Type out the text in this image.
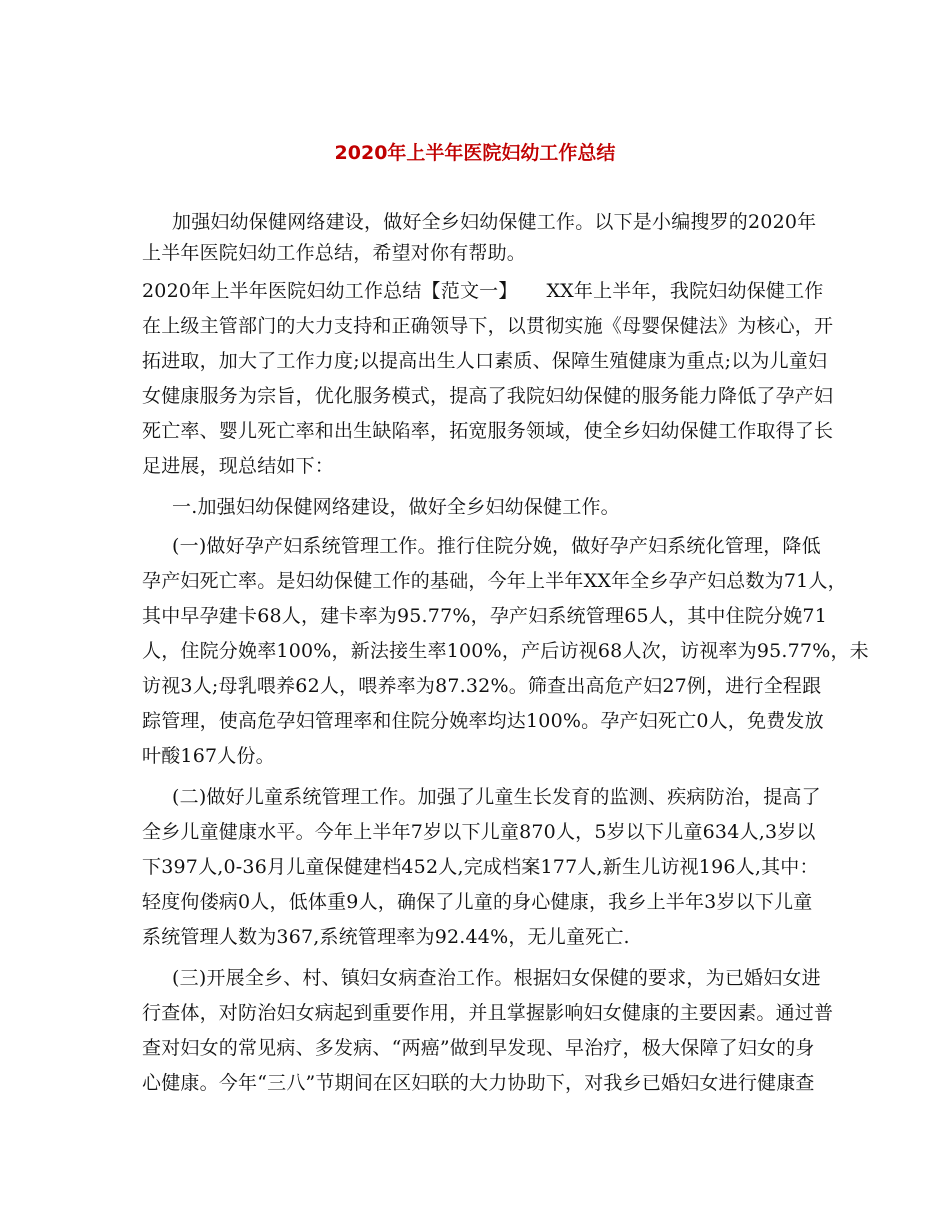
2020年上半年医院妇幼工作总结
加强妇幼保健网络建设，做好全乡妇幼保健工作。以下是小编搜罗的2020年
上半年医院妇幼工作总结，希望对你有帮助。
2020年上半年医院妇幼工作总结【范文一】　　XX年上半年，我院妇幼保健工作
在上级主管部门的大力支持和正确领导下，以贯彻实施《母婴保健法》为核心，开
拓进取，加大了工作力度;以提高出生人口素质、保障生殖健康为重点;以为儿童妇
女健康服务为宗旨，优化服务模式，提高了我院妇幼保健的服务能力降低了孕产妇
死亡率、婴儿死亡率和出生缺陷率，拓宽服务领域，使全乡妇幼保健工作取得了长
足进展，现总结如下：
一.加强妇幼保健网络建设，做好全乡妇幼保健工作。
(一)做好孕产妇系统管理工作。推行住院分娩，做好孕产妇系统化管理，降低
孕产妇死亡率。是妇幼保健工作的基础，今年上半年XX年全乡孕产妇总数为71人，
其中早孕建卡68人，建卡率为95.77%，孕产妇系统管理65人，其中住院分娩71
人，住院分娩率100%，新法接生率100%，产后访视68人次，访视率为95.77%，未
访视3人;母乳喂养62人，喂养率为87.32%。筛查出高危产妇27例，进行全程跟
踪管理，使高危孕妇管理率和住院分娩率均达100%。孕产妇死亡0人，免费发放
叶酸167人份。
(二)做好儿童系统管理工作。加强了儿童生长发育的监测、疾病防治，提高了
全乡儿童健康水平。今年上半年7岁以下儿童870人，5岁以下儿童634人,3岁以
下397人,0-36月儿童保健建档452人,完成档案177人,新生儿访视196人,其中：
轻度佝偻病0人，低体重9人，确保了儿童的身心健康，我乡上半年3岁以下儿童
系统管理人数为367,系统管理率为92.44%，无儿童死亡.
(三)开展全乡、村、镇妇女病查治工作。根据妇女保健的要求，为已婚妇女进
行查体，对防治妇女病起到重要作用，并且掌握影响妇女健康的主要因素。通过普
查对妇女的常见病、多发病、“两癌”做到早发现、早治疗，极大保障了妇女的身
心健康。今年“三八”节期间在区妇联的大力协助下，对我乡已婚妇女进行健康查
